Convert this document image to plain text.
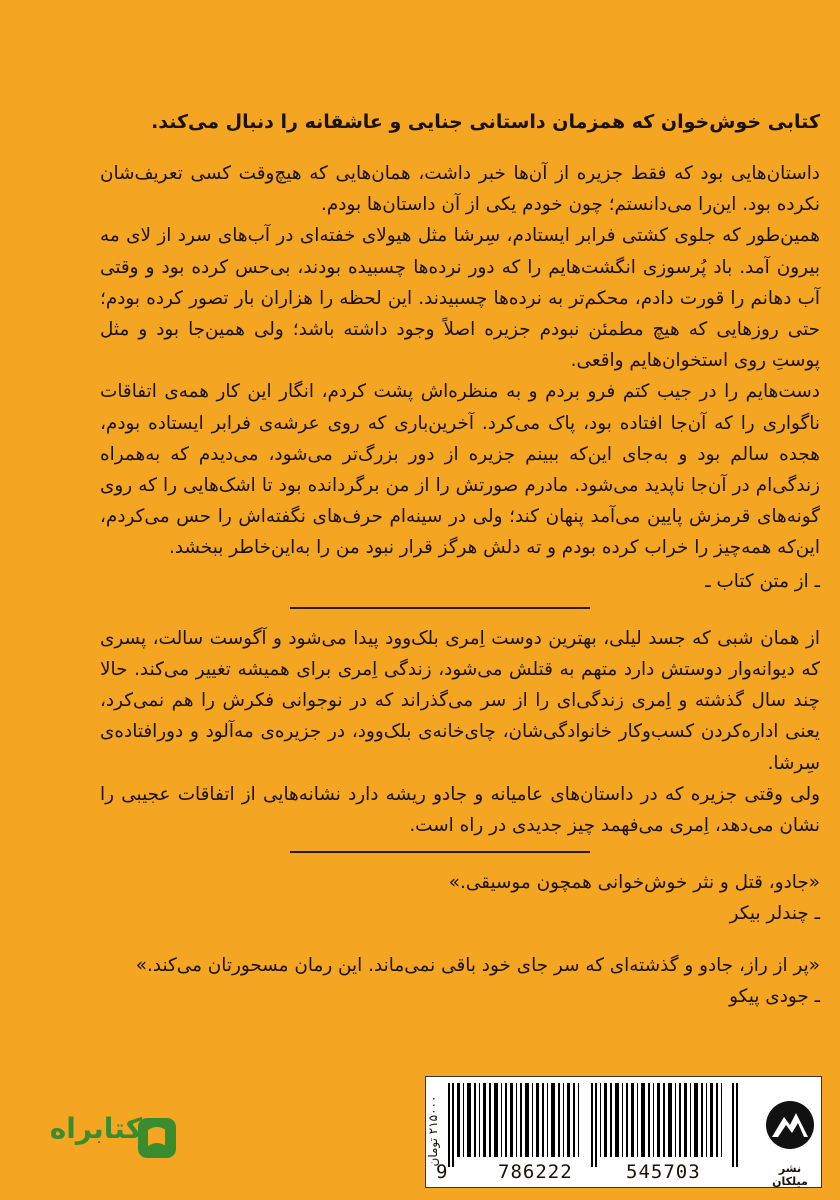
کتابی خوش‌خوان که همزمان داستانی جنایی و عاشقانه را دنبال می‌کند.

داستان‌هایی بود که فقط جزیره از آن‌ها خبر داشت، همان‌هایی که هیچ‌وقت کسی تعریف‌شان نکرده بود. این‌را می‌دانستم؛ چون خودم یکی از آن داستان‌ها بودم.

همین‌طور که جلوی کشتی فرابر ایستادم، سِرشا مثل هیولای خفته‌ای در آب‌های سرد از لای مه بیرون آمد. باد پُرسوزی انگشت‌هایم را که دور نرده‌ها چسبیده بودند، بی‌حس کرده بود و وقتی آب دهانم را قورت دادم، محکم‌تر به نرده‌ها چسبیدند. این لحظه را هزاران بار تصور کرده بودم؛ حتی روزهایی که هیچ مطمئن نبودم جزیره اصلاً وجود داشته باشد؛ ولی همین‌جا بود و مثل پوستِ روی استخوان‌هایم واقعی.

دست‌هایم را در جیب کتم فرو بردم و به منظره‌اش پشت کردم، انگار این کار همه‌ی اتفاقات ناگواری را که آن‌جا افتاده بود، پاک می‌کرد. آخرین‌باری که روی عرشه‌ی فرابر ایستاده بودم، هجده سالم بود و به‌جای این‌که ببینم جزیره از دور بزرگ‌تر می‌شود، می‌دیدم که به‌همراه زندگی‌ام در آن‌جا ناپدید می‌شود. مادرم صورتش را از من برگردانده بود تا اشک‌هایی را که روی گونه‌های قرمزش پایین می‌آمد پنهان کند؛ ولی در سینه‌ام حرف‌های نگفته‌اش را حس می‌کردم، این‌که همه‌چیز را خراب کرده بودم و ته دلش هرگز قرار نبود من را به‌این‌خاطر ببخشد.

ـ از متن کتاب ـ

از همان شبی که جسد لیلی، بهترین دوست اِمری بلک‌وود پیدا می‌شود و آگوست سالت، پسری که دیوانه‌وار دوستش دارد متهم به قتلش می‌شود، زندگی اِمری برای همیشه تغییر می‌کند. حالا چند سال گذشته و اِمری زندگی‌ای را از سر می‌گذراند که در نوجوانی فکرش را هم نمی‌کرد، یعنی اداره‌کردن کسب‌وکار خانوادگی‌شان، چای‌خانه‌ی بلک‌وود، در جزیره‌ی مه‌آلود و دورافتاده‌ی سِرشا.

ولی وقتی جزیره که در داستان‌های عامیانه و جادو ریشه دارد نشانه‌هایی از اتفاقات عجیبی را نشان می‌دهد، اِمری می‌فهمد چیز جدیدی در راه است.

«جادو، قتل و نثر خوش‌خوانی همچون موسیقی.»

ـ چندلر بیکر

«پر از راز، جادو و گذشته‌ای که سر جای خود باقی نمی‌ماند. این رمان مسحورتان می‌کند.»

ـ جودی پیکو

کتابراه
9	786222	545703
۲۱۵۰۰۰ تومان
نشر میلکان
